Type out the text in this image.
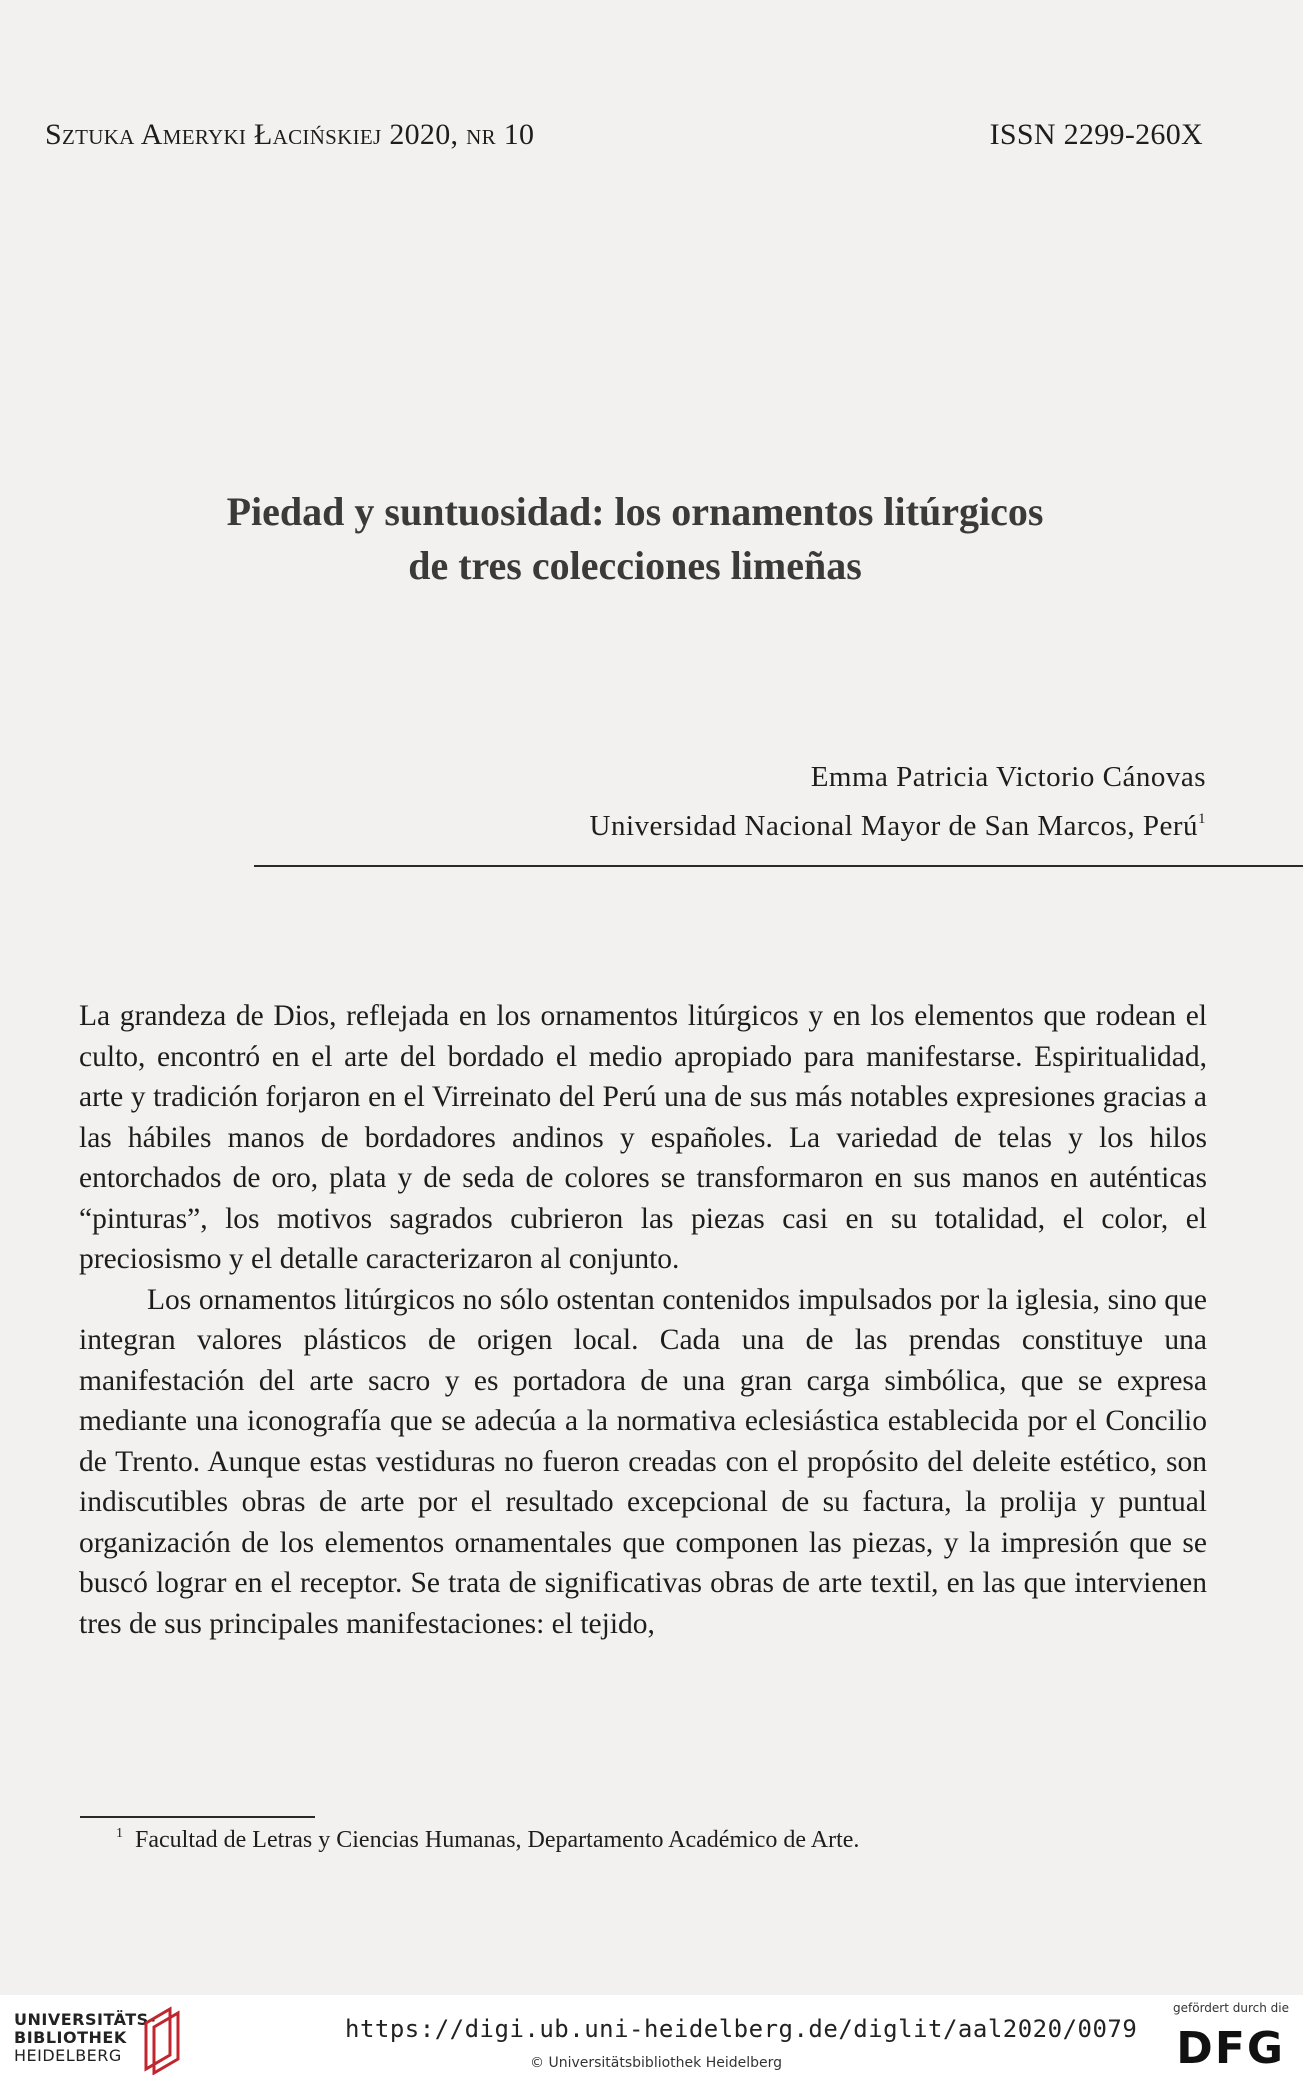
Sztuka Ameryki Łacińskiej 2020, nr 10	ISSN 2299-260X
Piedad y suntuosidad: los ornamentos litúrgicos
de tres colecciones limeñas
Emma Patricia Victorio Cánovas
Universidad Nacional Mayor de San Marcos, Perú$^1$

La grandeza de Dios, reflejada en los ornamentos litúrgicos y en los elementos que rodean el culto, encontró en el arte del bordado el medio apropiado para manifestarse. Espiritualidad, arte y tradición forjaron en el Virreinato del Perú una de sus más notables expresiones gracias a las hábiles manos de bordadores andinos y españoles. La variedad de telas y los hilos entorchados de oro, plata y de seda de colores se transformaron en sus manos en auténticas “pinturas”, los motivos sagrados cubrieron las piezas casi en su totalidad, el color, el preciosismo y el detalle caracterizaron al conjunto.

Los ornamentos litúrgicos no sólo ostentan contenidos impulsados por la iglesia, sino que integran valores plásticos de origen local. Cada una de las prendas constituye una manifestación del arte sacro y es portadora de una gran carga simbólica, que se expresa mediante una iconografía que se adecúa a la normativa eclesiástica establecida por el Concilio de Trento. Aunque estas vestiduras no fueron creadas con el propósito del deleite estético, son indiscutibles obras de arte por el resultado excepcional de su factura, la prolija y puntual organización de los elementos ornamentales que componen las piezas, y la impresión que se buscó lograr en el receptor. Se trata de significativas obras de arte textil, en las que intervienen tres de sus principales manifestaciones: el tejido,

$^1$ Facultad de Letras y Ciencias Humanas, Departamento Académico de Arte.
UNIVERSITÄTS-
BIBLIOTHEK
HEIDELBERG
https://digi.ub.uni-heidelberg.de/diglit/aal2020/0079
© Universitätsbibliothek Heidelberg
gefördert durch die
DFG
